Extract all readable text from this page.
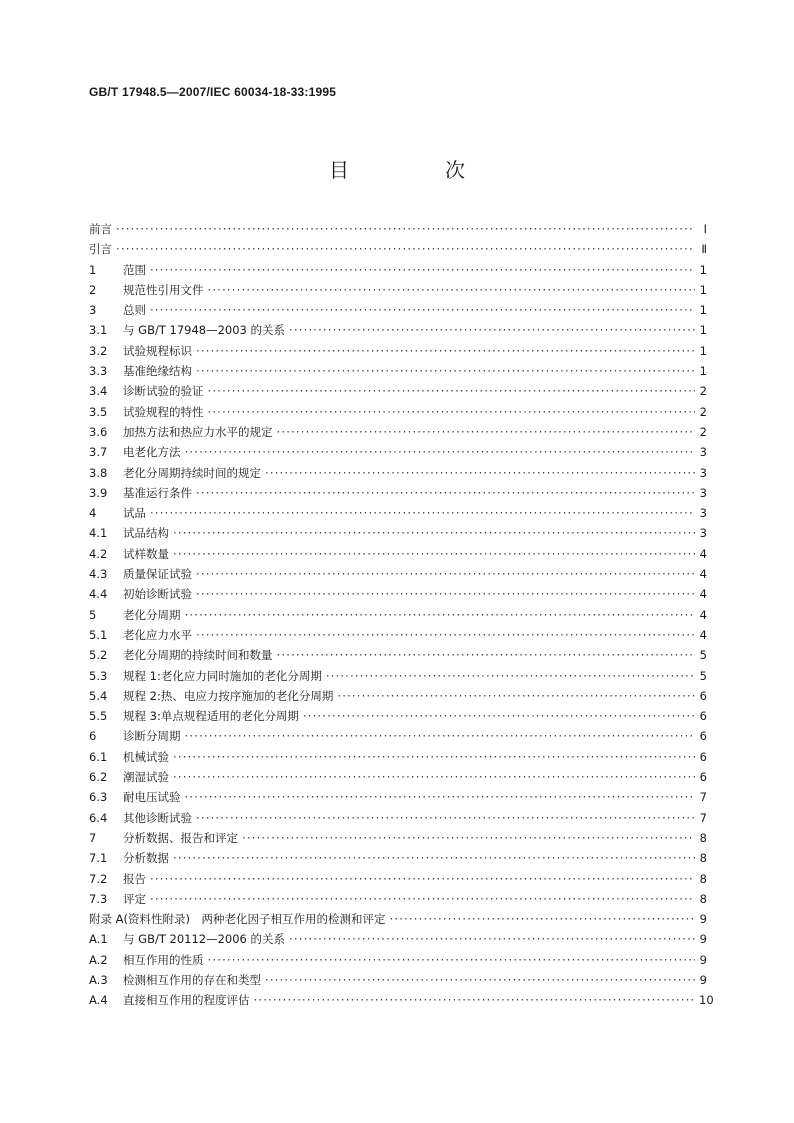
GB/T 17948.5—2007/IEC 60034-18-33:1995
目　次
前言 ·····	Ⅰ
引言 ·····	Ⅱ
1	范围 ·····	1
2	规范性引用文件 ·····	1
3	总则 ·····	1
3.1	与 GB/T 17948—2003 的关系 ·····	1
3.2	试验规程标识 ·····	1
3.3	基准绝缘结构 ·····	1
3.4	诊断试验的验证 ·····	2
3.5	试验规程的特性 ·····	2
3.6	加热方法和热应力水平的规定 ·····	2
3.7	电老化方法 ·····	3
3.8	老化分周期持续时间的规定 ·····	3
3.9	基准运行条件 ·····	3
4	试品 ·····	3
4.1	试品结构 ·····	3
4.2	试样数量 ·····	4
4.3	质量保证试验 ·····	4
4.4	初始诊断试验 ·····	4
5	老化分周期 ·····	4
5.1	老化应力水平 ·····	4
5.2	老化分周期的持续时间和数量 ·····	5
5.3	规程 1:老化应力同时施加的老化分周期 ·····	5
5.4	规程 2:热、电应力按序施加的老化分周期 ·····	6
5.5	规程 3:单点规程适用的老化分周期 ·····	6
6	诊断分周期 ·····	6
6.1	机械试验 ·····	6
6.2	潮湿试验 ·····	6
6.3	耐电压试验 ·····	7
6.4	其他诊断试验 ·····	7
7	分析数据、报告和评定 ·····	8
7.1	分析数据 ·····	8
7.2	报告 ·····	8
7.3	评定 ·····	8
附录 A(资料性附录)　两种老化因子相互作用的检测和评定 ·····	9
A.1	与 GB/T 20112—2006 的关系 ·····	9
A.2	相互作用的性质 ·····	9
A.3	检测相互作用的存在和类型 ·····	9
A.4	直接相互作用的程度评估 ·····	10
